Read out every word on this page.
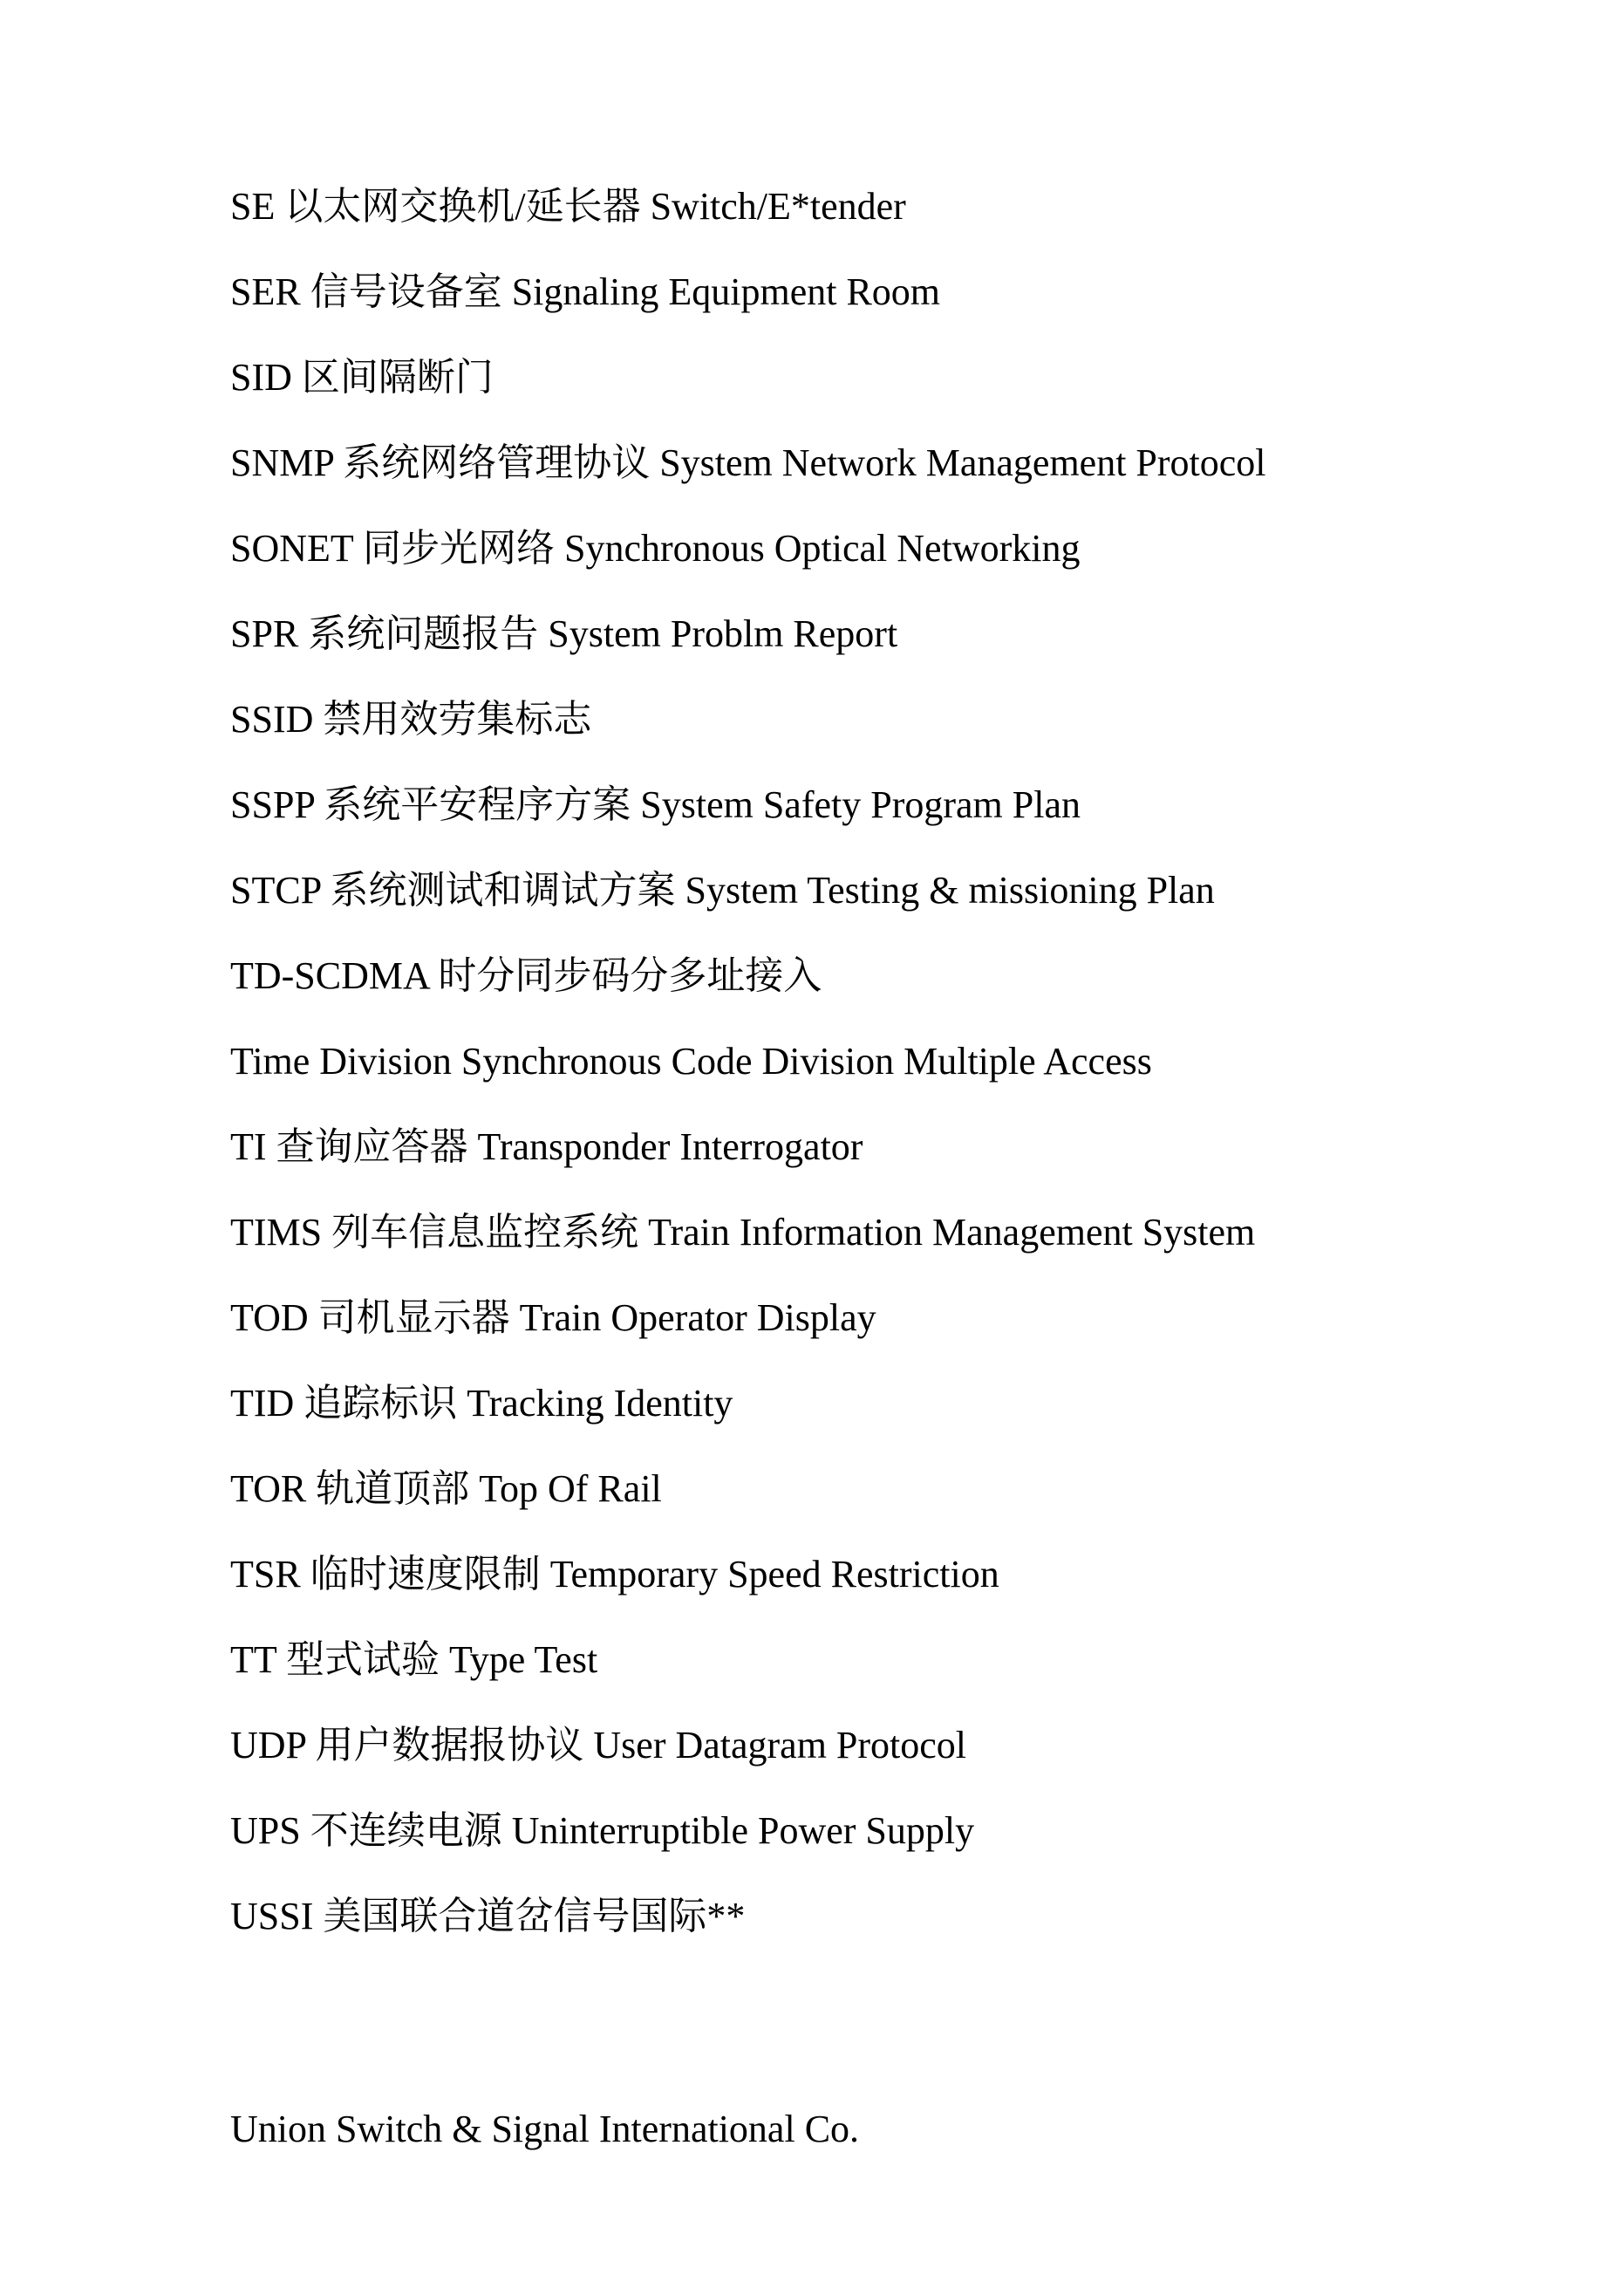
SE 以太网交换机/延长器 Switch/E*tender
SER 信号设备室 Signaling Equipment Room
SID 区间隔断门
SNMP 系统网络管理协议 System Network Management Protocol
SONET 同步光网络 Synchronous Optical Networking
SPR 系统问题报告 System Problm Report
SSID 禁用效劳集标志
SSPP 系统平安程序方案 System Safety Program Plan
STCP 系统测试和调试方案 System Testing & missioning Plan
TD-SCDMA 时分同步码分多址接入
Time Division Synchronous Code Division Multiple Access
TI 查询应答器 Transponder Interrogator
TIMS 列车信息监控系统 Train Information Management System
TOD 司机显示器 Train Operator Display
TID 追踪标识 Tracking Identity
TOR 轨道顶部 Top Of Rail
TSR 临时速度限制 Temporary Speed Restriction
TT 型式试验 Type Test
UDP 用户数据报协议 User Datagram Protocol
UPS 不连续电源 Uninterruptible Power Supply
USSI 美国联合道岔信号国际**
Union Switch & Signal International Co.
